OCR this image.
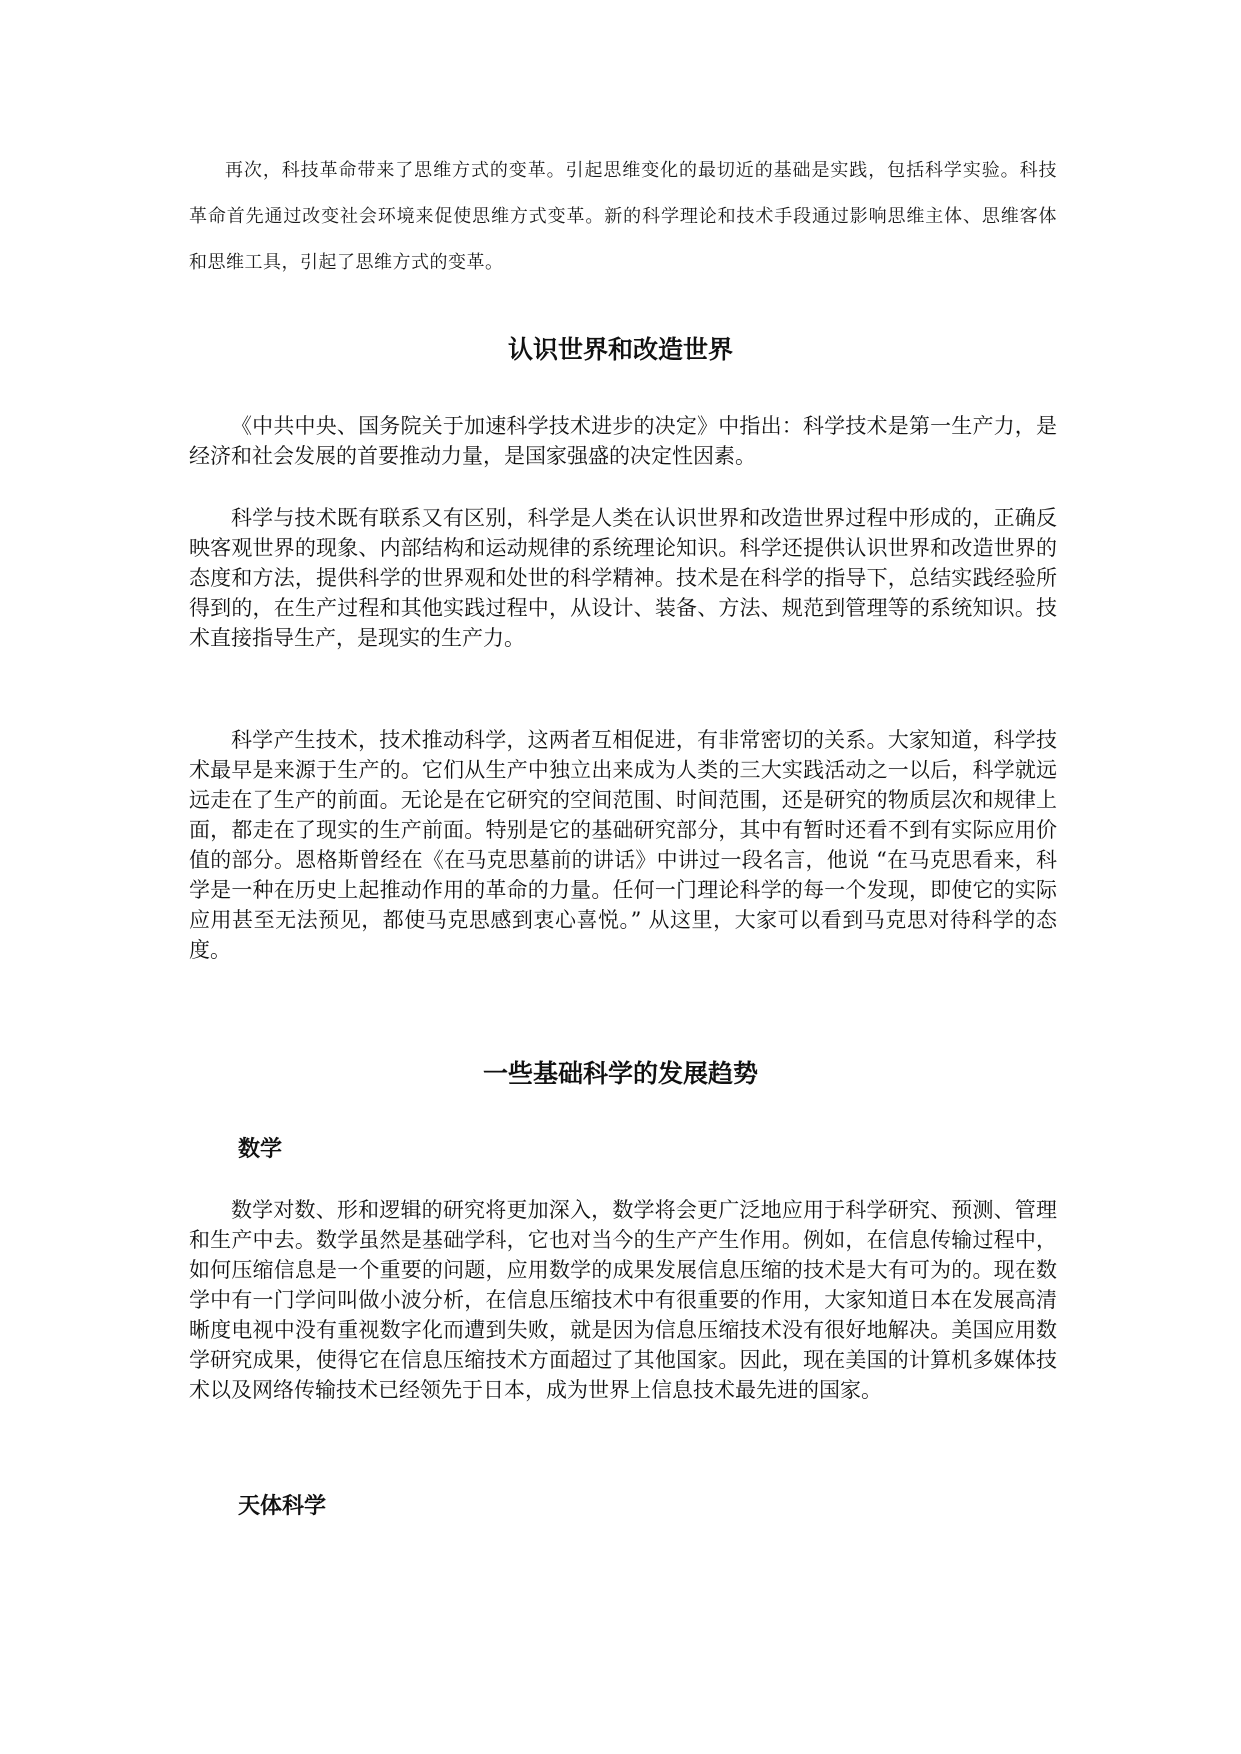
再次，科技革命带来了思维方式的变革。引起思维变化的最切近的基础是实践，包括科学实验。科技革命首先通过改变社会环境来促使思维方式变革。新的科学理论和技术手段通过影响思维主体、思维客体和思维工具，引起了思维方式的变革。

认识世界和改造世界

《中共中央、国务院关于加速科学技术进步的决定》中指出：科学技术是第一生产力，是经济和社会发展的首要推动力量，是国家强盛的决定性因素。

科学与技术既有联系又有区别，科学是人类在认识世界和改造世界过程中形成的，正确反映客观世界的现象、内部结构和运动规律的系统理论知识。科学还提供认识世界和改造世界的态度和方法，提供科学的世界观和处世的科学精神。技术是在科学的指导下，总结实践经验所得到的，在生产过程和其他实践过程中，从设计、装备、方法、规范到管理等的系统知识。技术直接指导生产，是现实的生产力。

科学产生技术，技术推动科学，这两者互相促进，有非常密切的关系。大家知道，科学技术最早是来源于生产的。它们从生产中独立出来成为人类的三大实践活动之一以后，科学就远远走在了生产的前面。无论是在它研究的空间范围、时间范围，还是研究的物质层次和规律上面，都走在了现实的生产前面。特别是它的基础研究部分，其中有暂时还看不到有实际应用价值的部分。恩格斯曾经在《在马克思墓前的讲话》中讲过一段名言，他说 “在马克思看来，科学是一种在历史上起推动作用的革命的力量。任何一门理论科学的每一个发现，即使它的实际应用甚至无法预见，都使马克思感到衷心喜悦。” 从这里，大家可以看到马克思对待科学的态度。

一些基础科学的发展趋势
数学

数学对数、形和逻辑的研究将更加深入，数学将会更广泛地应用于科学研究、预测、管理和生产中去。数学虽然是基础学科，它也对当今的生产产生作用。例如，在信息传输过程中，如何压缩信息是一个重要的问题，应用数学的成果发展信息压缩的技术是大有可为的。现在数学中有一门学问叫做小波分析，在信息压缩技术中有很重要的作用，大家知道日本在发展高清晰度电视中没有重视数字化而遭到失败，就是因为信息压缩技术没有很好地解决。美国应用数学研究成果，使得它在信息压缩技术方面超过了其他国家。因此，现在美国的计算机多媒体技术以及网络传输技术已经领先于日本，成为世界上信息技术最先进的国家。

天体科学
